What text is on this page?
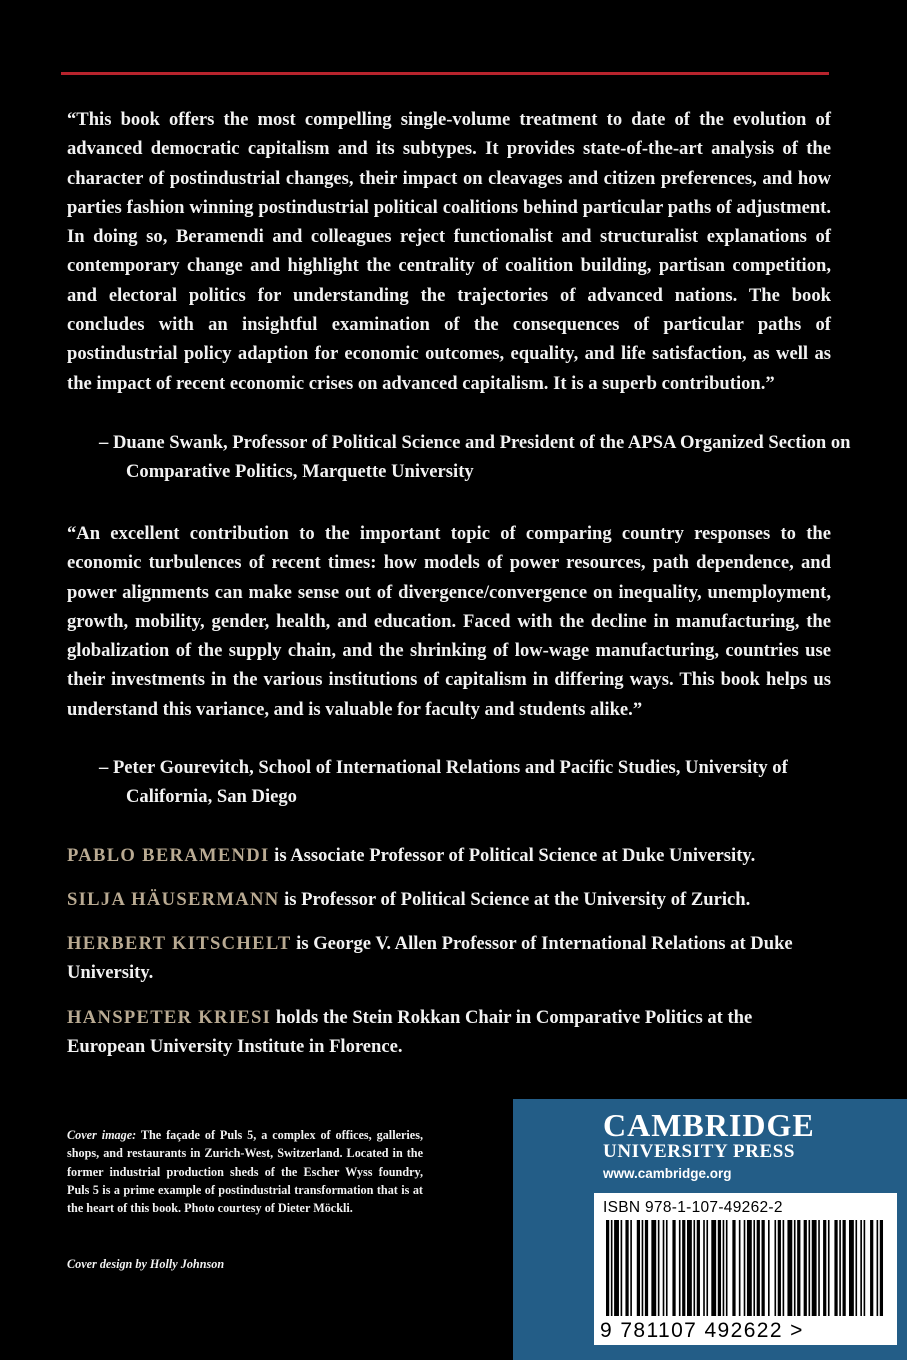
“This book offers the most compelling single-volume treatment to date of the evolution of advanced democratic capitalism and its subtypes. It provides state-of-the-art analysis of the character of postindustrial changes, their impact on cleavages and citizen preferences, and how parties fashion winning postindustrial political coalitions behind particular paths of adjustment. In doing so, Beramendi and colleagues reject functionalist and structuralist explanations of contemporary change and highlight the centrality of coalition building, partisan competition, and electoral politics for understanding the trajectories of advanced nations. The book concludes with an insightful examination of the consequences of particular paths of postindustrial policy adaption for economic outcomes, equality, and life satisfaction, as well as the impact of recent economic crises on advanced capitalism. It is a superb contribution.”

– Duane Swank, Professor of Political Science and President of the APSA Organized Section on Comparative Politics, Marquette University

“An excellent contribution to the important topic of comparing country responses to the economic turbulences of recent times: how models of power resources, path dependence, and power alignments can make sense out of divergence/convergence on inequality, unemployment, growth, mobility, gender, health, and education. Faced with the decline in manufacturing, the globalization of the supply chain, and the shrinking of low-wage manufacturing, countries use their investments in the various institutions of capitalism in differing ways. This book helps us understand this variance, and is valuable for faculty and students alike.”

– Peter Gourevitch, School of International Relations and Pacific Studies, University of California, San Diego

PABLO BERAMENDI is Associate Professor of Political Science at Duke University.

SILJA HÄUSERMANN is Professor of Political Science at the University of Zurich.

HERBERT KITSCHELT is George V. Allen Professor of International Relations at Duke University.

HANSPETER KRIESI holds the Stein Rokkan Chair in Comparative Politics at the European University Institute in Florence.

Cover image: The façade of Puls 5, a complex of offices, galleries, shops, and restaurants in Zurich-West, Switzerland. Located in the former industrial production sheds of the Escher Wyss foundry, Puls 5 is a prime example of postindustrial transformation that is at the heart of this book. Photo courtesy of Dieter Möckli.

Cover design by Holly Johnson
CAMBRIDGE
UNIVERSITY PRESS
www.cambridge.org
ISBN 978-1-107-49262-2
9 781107 492622 >
